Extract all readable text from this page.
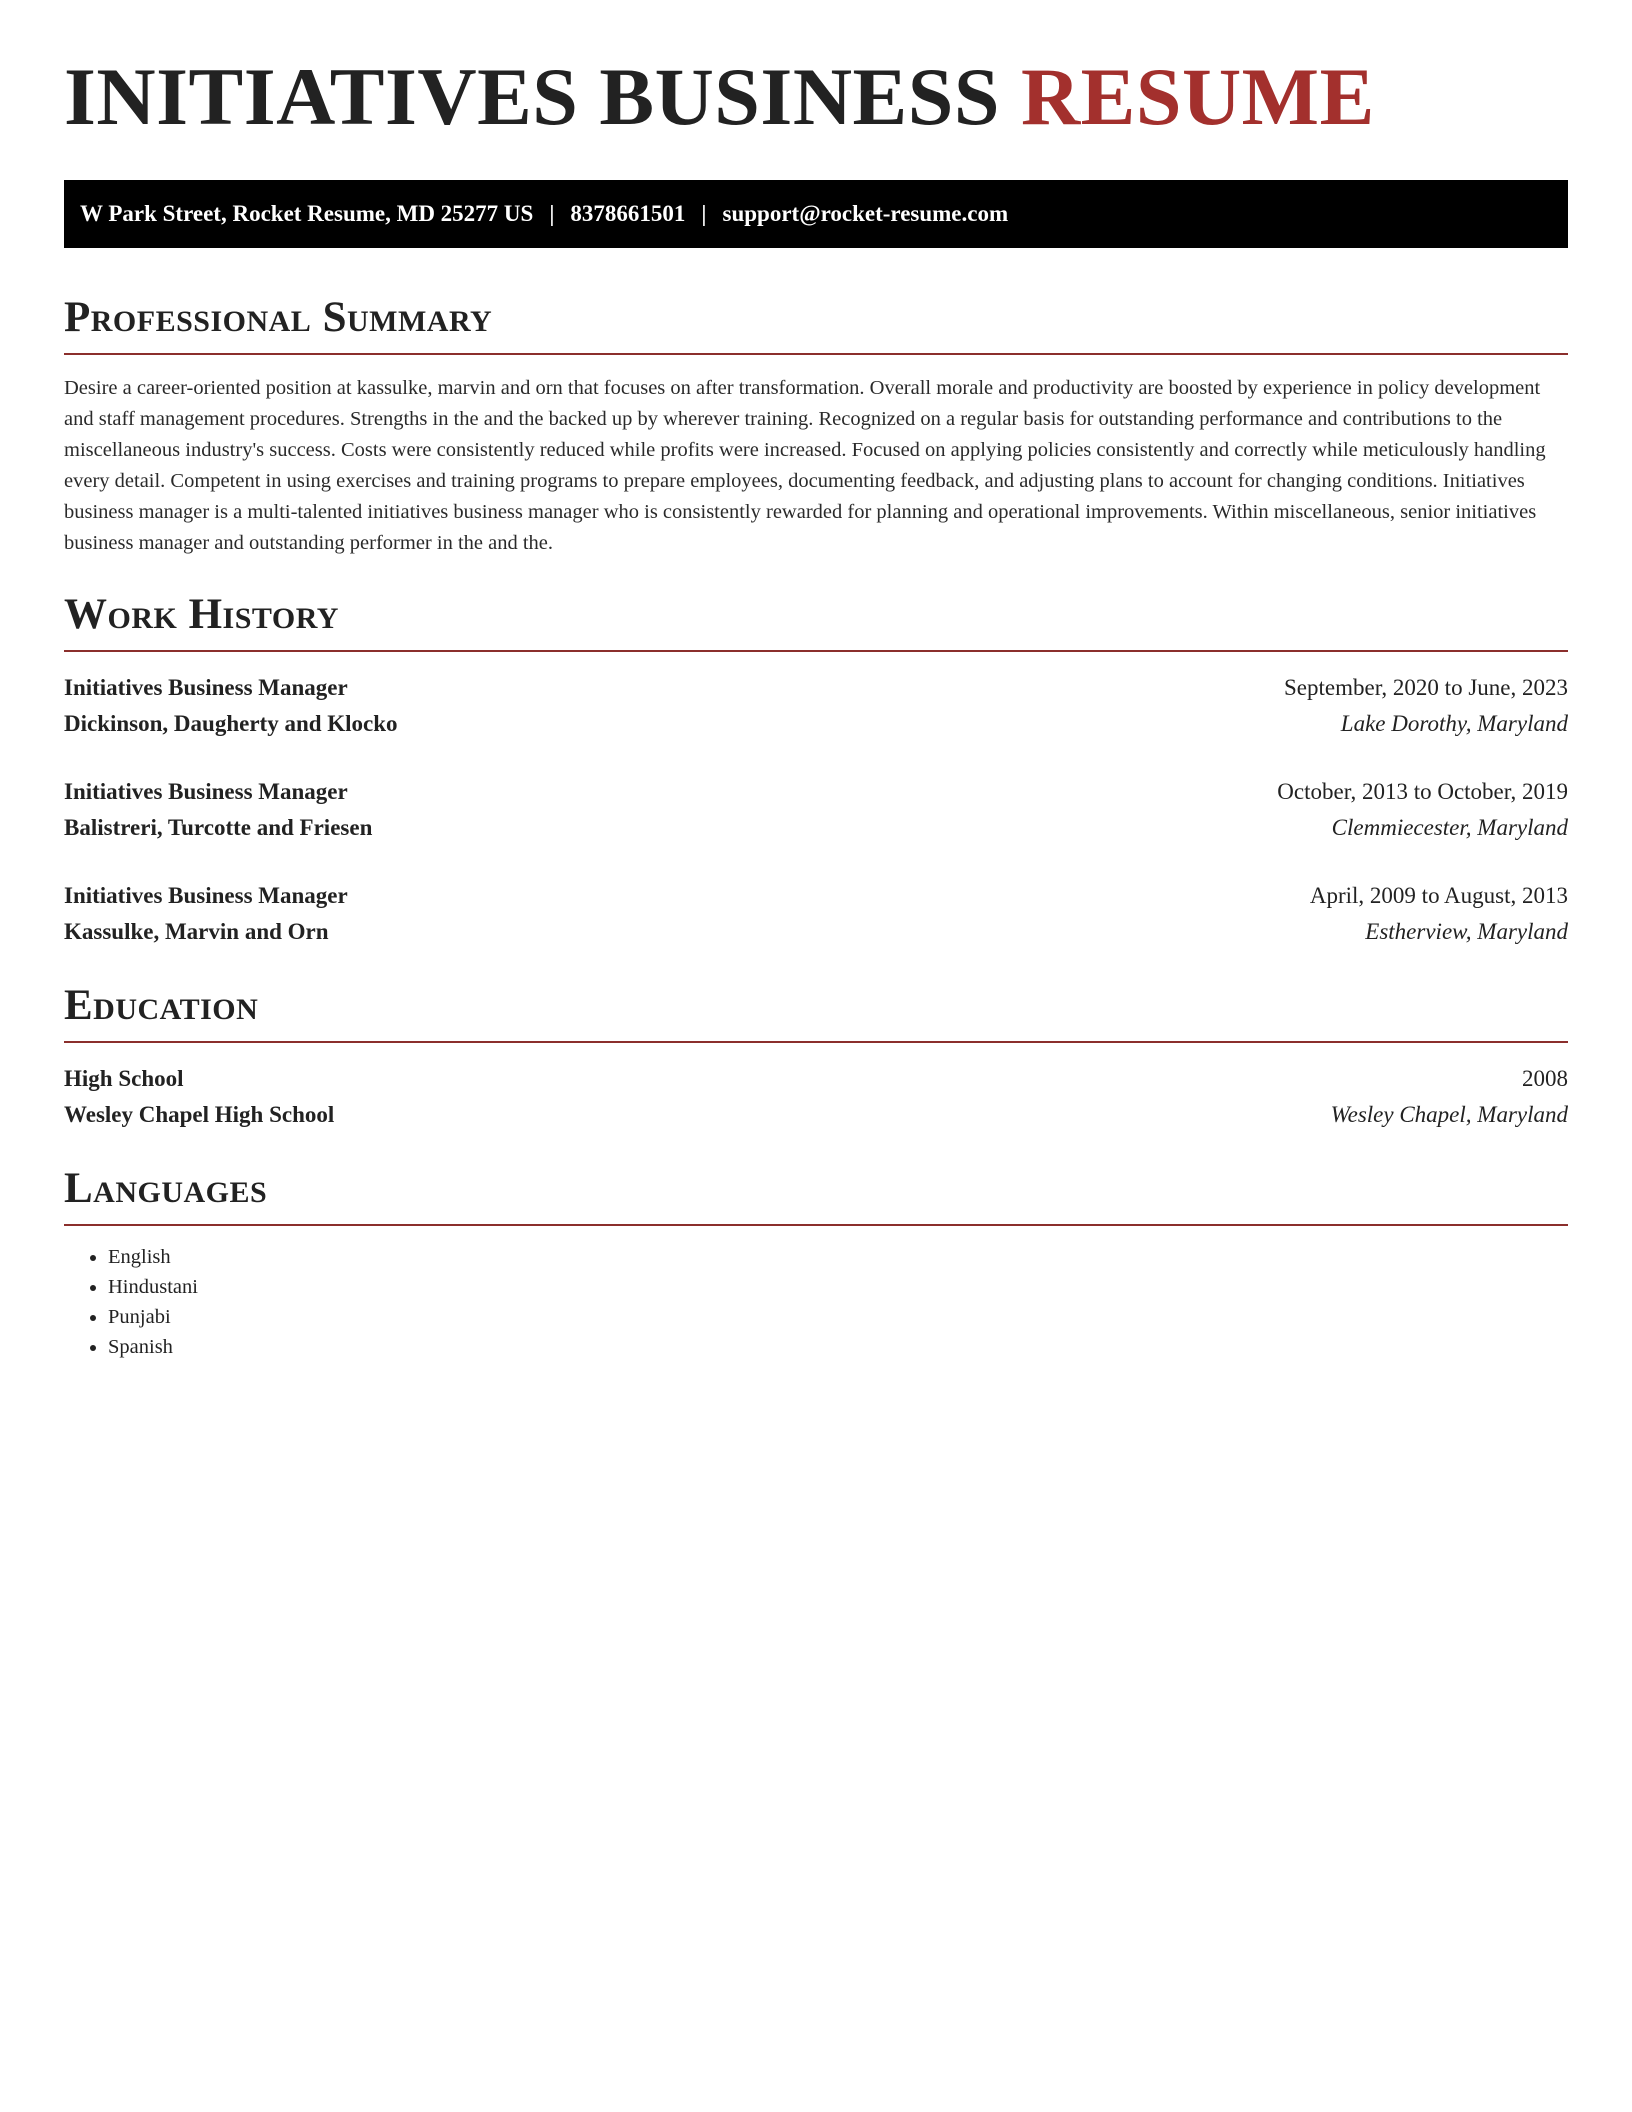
INITIATIVES BUSINESS RESUME
W Park Street, Rocket Resume, MD 25277 US | 8378661501 | support@rocket-resume.com
Professional Summary

Desire a career-oriented position at kassulke, marvin and orn that focuses on after transformation. Overall morale and productivity are boosted by experience in policy development and staff management procedures. Strengths in the and the backed up by wherever training. Recognized on a regular basis for outstanding performance and contributions to the miscellaneous industry's success. Costs were consistently reduced while profits were increased. Focused on applying policies consistently and correctly while meticulously handling every detail. Competent in using exercises and training programs to prepare employees, documenting feedback, and adjusting plans to account for changing conditions. Initiatives business manager is a multi-talented initiatives business manager who is consistently rewarded for planning and operational improvements. Within miscellaneous, senior initiatives business manager and outstanding performer in the and the.

Work History
Initiatives Business Manager	September, 2020 to June, 2023
Dickinson, Daugherty and Klocko	Lake Dorothy, Maryland
Initiatives Business Manager	October, 2013 to October, 2019
Balistreri, Turcotte and Friesen	Clemmiecester, Maryland
Initiatives Business Manager	April, 2009 to August, 2013
Kassulke, Marvin and Orn	Estherview, Maryland
Education
High School	2008
Wesley Chapel High School	Wesley Chapel, Maryland
Languages
• English
• Hindustani
• Punjabi
• Spanish
